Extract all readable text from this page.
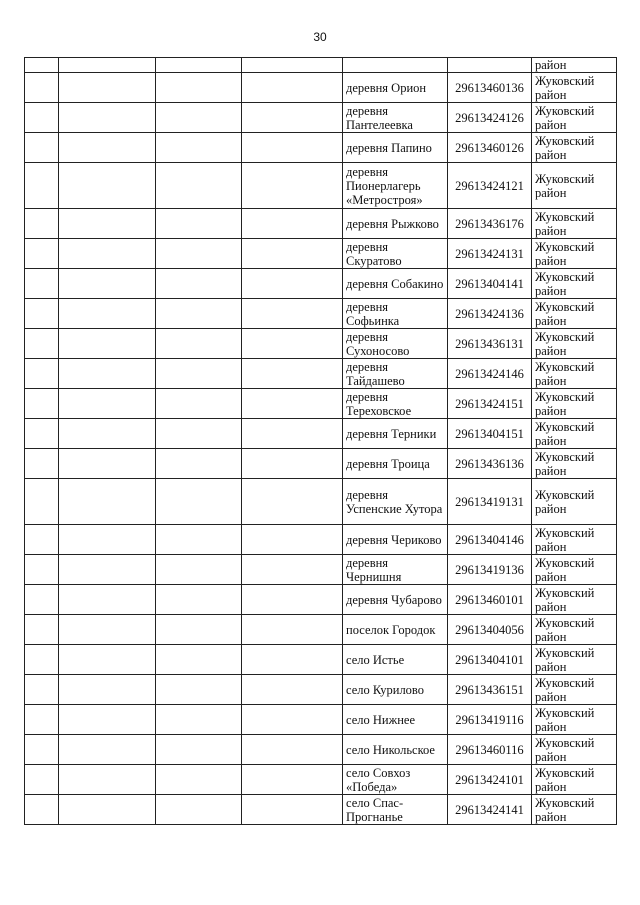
30
						район
				деревня Орион	29613460136	Жуковский район
				деревня Пантелеевка	29613424126	Жуковский район
				деревня Папино	29613460126	Жуковский район
				деревня Пионерлагерь «Метростроя»	29613424121	Жуковский район
				деревня Рыжково	29613436176	Жуковский район
				деревня Скуратово	29613424131	Жуковский район
				деревня Собакино	29613404141	Жуковский район
				деревня Софьинка	29613424136	Жуковский район
				деревня Сухоносово	29613436131	Жуковский район
				деревня Тайдашево	29613424146	Жуковский район
				деревня Тереховское	29613424151	Жуковский район
				деревня Терники	29613404151	Жуковский район
				деревня Троица	29613436136	Жуковский район
				деревня Успенские Хутора	29613419131	Жуковский район
				деревня Чериково	29613404146	Жуковский район
				деревня Чернишня	29613419136	Жуковский район
				деревня Чубарово	29613460101	Жуковский район
				поселок Городок	29613404056	Жуковский район
				село Истье	29613404101	Жуковский район
				село Курилово	29613436151	Жуковский район
				село Нижнее	29613419116	Жуковский район
				село Никольское	29613460116	Жуковский район
				село Совхоз «Победа»	29613424101	Жуковский район
				село Спас-Прогнанье	29613424141	Жуковский район
